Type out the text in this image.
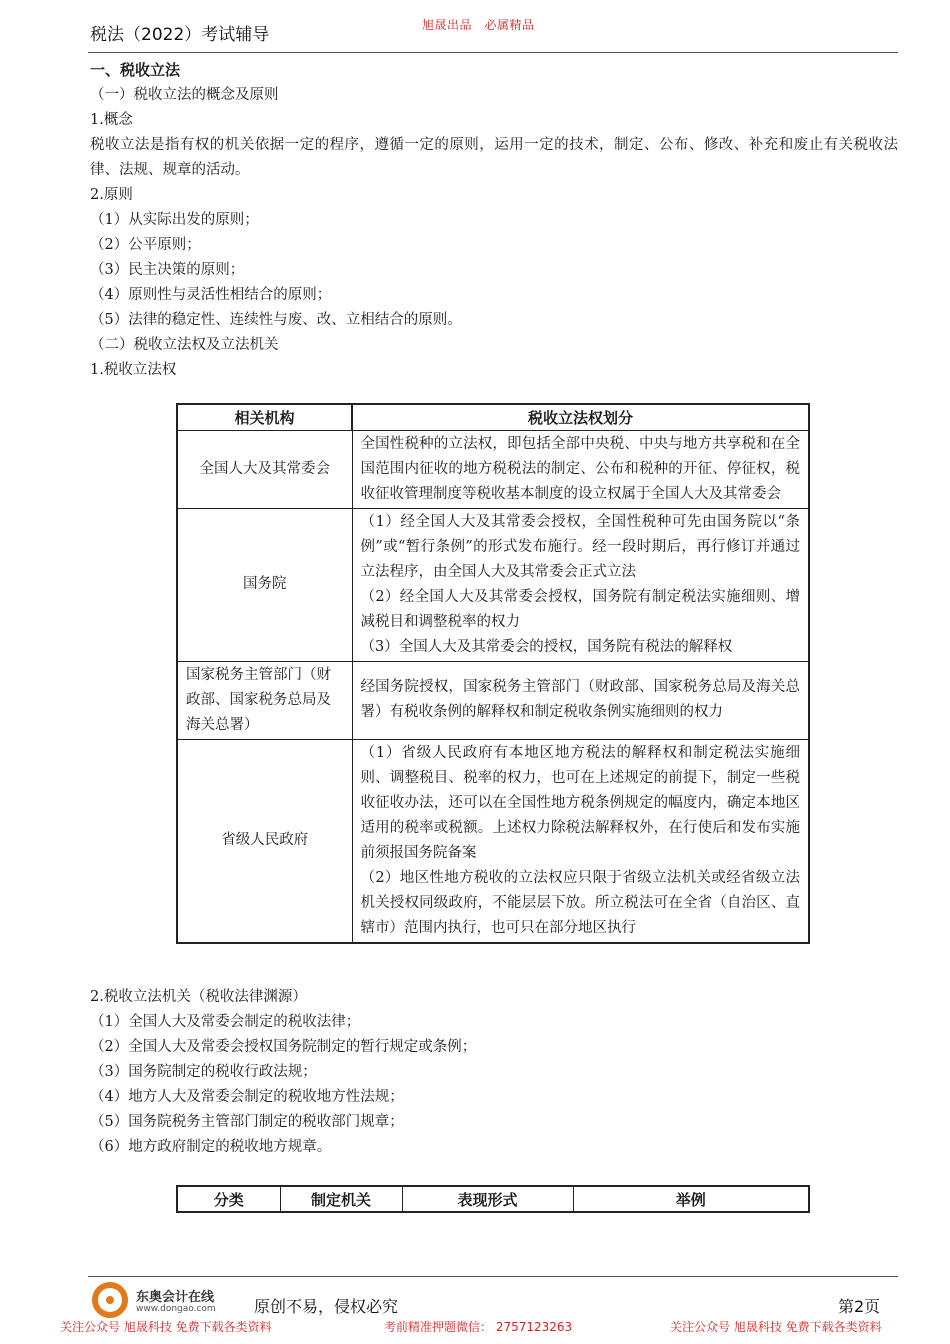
税法（2022）考试辅导	旭晟出品　必属精品
一、税收立法
（一）税收立法的概念及原则
1.概念
税收立法是指有权的机关依据一定的程序，遵循一定的原则，运用一定的技术，制定、公布、修改、补充和废止有关税收法律、法规、规章的活动。
2.原则
（1）从实际出发的原则；
（2）公平原则；
（3）民主决策的原则；
（4）原则性与灵活性相结合的原则；
（5）法律的稳定性、连续性与废、改、立相结合的原则。
（二）税收立法权及立法机关
1.税收立法权
相关机构	税收立法权划分
全国人大及其常委会	全国性税种的立法权，即包括全部中央税、中央与地方共享税和在全国范围内征收的地方税税法的制定、公布和税种的开征、停征权，税收征收管理制度等税收基本制度的设立权属于全国人大及其常委会
国务院	（1）经全国人大及其常委会授权，全国性税种可先由国务院以“条例”或“暂行条例”的形式发布施行。经一段时期后，再行修订并通过立法程序，由全国人大及其常委会正式立法
（2）经全国人大及其常委会授权，国务院有制定税法实施细则、增减税目和调整税率的权力
（3）全国人大及其常委会的授权，国务院有税法的解释权

国家税务主管部门（财政部、国家税务总局及海关总署）	经国务院授权，国家税务主管部门（财政部、国家税务总局及海关总署）有税收条例的解释权和制定税收条例实施细则的权力
省级人民政府	（1）省级人民政府有本地区地方税法的解释权和制定税法实施细则、调整税目、税率的权力，也可在上述规定的前提下，制定一些税收征收办法，还可以在全国性地方税条例规定的幅度内，确定本地区适用的税率或税额。上述权力除税法解释权外，在行使后和发布实施前须报国务院备案
（2）地区性地方税收的立法权应只限于省级立法机关或经省级立法机关授权同级政府，不能层层下放。所立税法可在全省（自治区、直辖市）范围内执行，也可只在部分地区执行
2.税收立法机关（税收法律渊源）
（1）全国人大及常委会制定的税收法律；
（2）全国人大及常委会授权国务院制定的暂行规定或条例；
（3）国务院制定的税收行政法规；
（4）地方人大及常委会制定的税收地方性法规；
（5）国务院税务主管部门制定的税收部门规章；
（6）地方政府制定的税收地方规章。
分类	制定机关	表现形式	举例
东奥会计在线
www.dongao.com 原创不易，侵权必究	第2页
关注公众号 旭晟科技 免费下载各类资料	考前精准押题微信： 2757123263	关注公众号 旭晟科技 免费下载各类资料
